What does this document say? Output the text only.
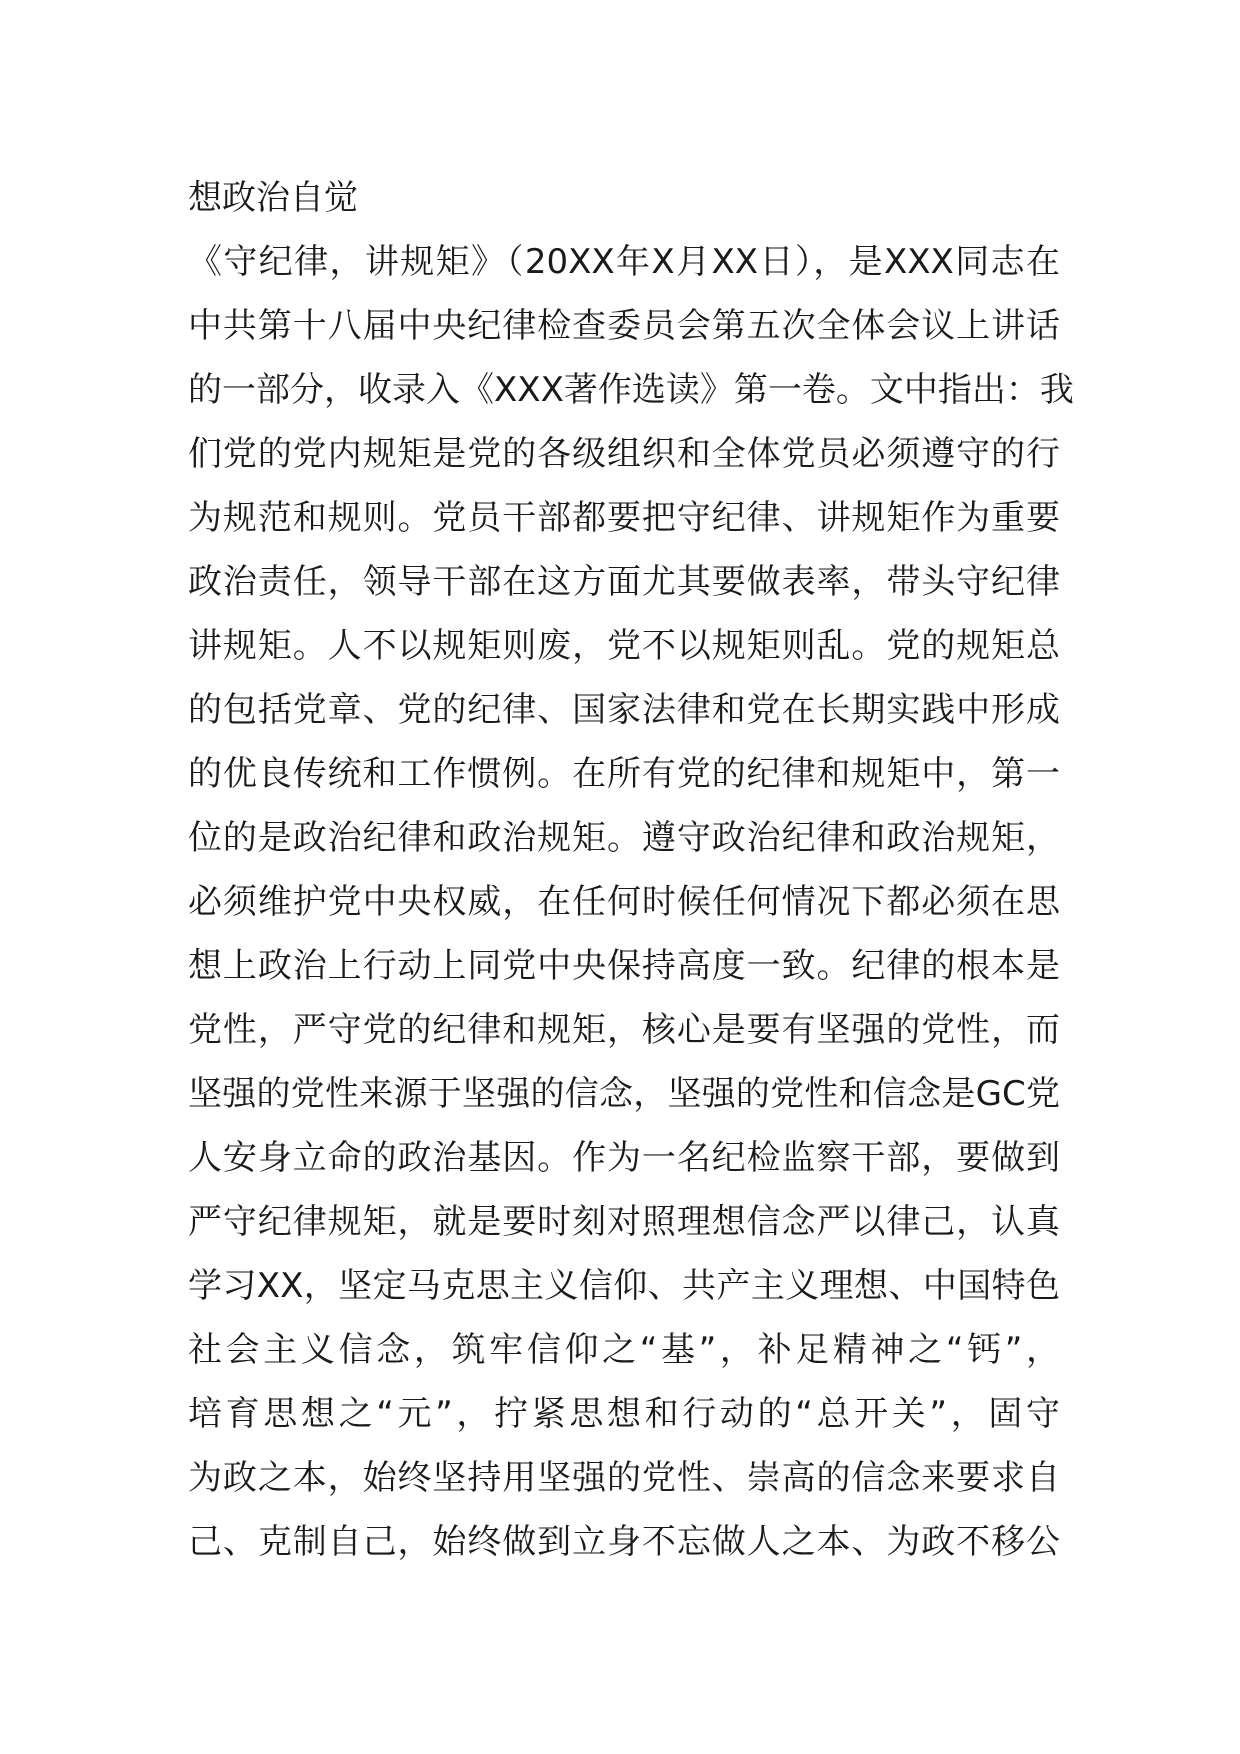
想政治自觉

《守纪律，讲规矩》（20XX年X月XX日），是XXX同志在

中共第十八届中央纪律检查委员会第五次全体会议上讲话

的一部分，收录入《XXX著作选读》第一卷。文中指出：我

们党的党内规矩是党的各级组织和全体党员必须遵守的行

为规范和规则。党员干部都要把守纪律、讲规矩作为重要

政治责任，领导干部在这方面尤其要做表率，带头守纪律

讲规矩。人不以规矩则废，党不以规矩则乱。党的规矩总

的包括党章、党的纪律、国家法律和党在长期实践中形成

的优良传统和工作惯例。在所有党的纪律和规矩中，第一

位的是政治纪律和政治规矩。遵守政治纪律和政治规矩，

必须维护党中央权威，在任何时候任何情况下都必须在思

想上政治上行动上同党中央保持高度一致。纪律的根本是

党性，严守党的纪律和规矩，核心是要有坚强的党性，而

坚强的党性来源于坚强的信念，坚强的党性和信念是GC党

人安身立命的政治基因。作为一名纪检监察干部，要做到

严守纪律规矩，就是要时刻对照理想信念严以律己，认真

学习XX，坚定马克思主义信仰、共产主义理想、中国特色

社会主义信念，筑牢信仰之“基”，补足精神之“钙”，

培育思想之“元”，拧紧思想和行动的“总开关”，固守

为政之本，始终坚持用坚强的党性、崇高的信念来要求自

己、克制自己，始终做到立身不忘做人之本、为政不移公
